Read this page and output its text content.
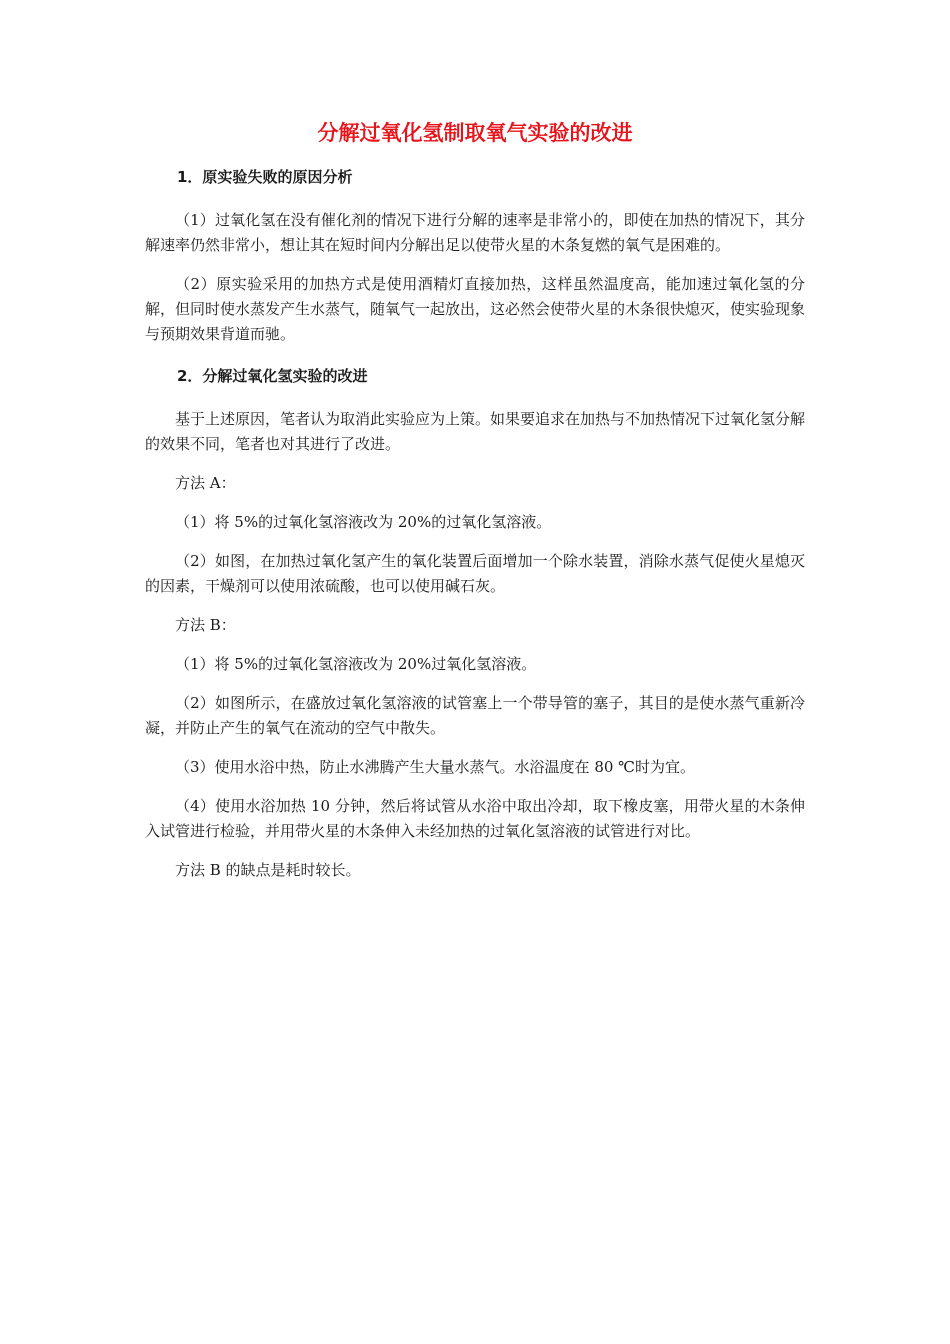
分解过氧化氢制取氧气实验的改进
1．原实验失败的原因分析

（1）过氧化氢在没有催化剂的情况下进行分解的速率是非常小的，即使在加热的情况下，其分解速率仍然非常小，想让其在短时间内分解出足以使带火星的木条复燃的氧气是困难的。

（2）原实验采用的加热方式是使用酒精灯直接加热，这样虽然温度高，能加速过氧化氢的分解，但同时使水蒸发产生水蒸气，随氧气一起放出，这必然会使带火星的木条很快熄灭，使实验现象与预期效果背道而驰。

2．分解过氧化氢实验的改进

基于上述原因，笔者认为取消此实验应为上策。如果要追求在加热与不加热情况下过氧化氢分解的效果不同，笔者也对其进行了改进。

方法 A：

（1）将 5%的过氧化氢溶液改为 20%的过氧化氢溶液。

（2）如图，在加热过氧化氢产生的氧化装置后面增加一个除水装置，消除水蒸气促使火星熄灭的因素，干燥剂可以使用浓硫酸，也可以使用碱石灰。

方法 B：

（1）将 5%的过氧化氢溶液改为 20%过氧化氢溶液。

（2）如图所示，在盛放过氧化氢溶液的试管塞上一个带导管的塞子，其目的是使水蒸气重新冷凝，并防止产生的氧气在流动的空气中散失。

（3）使用水浴中热，防止水沸腾产生大量水蒸气。水浴温度在 80 ℃时为宜。

（4）使用水浴加热 10 分钟，然后将试管从水浴中取出冷却，取下橡皮塞，用带火星的木条伸入试管进行检验，并用带火星的木条伸入未经加热的过氧化氢溶液的试管进行对比。

方法 B 的缺点是耗时较长。
